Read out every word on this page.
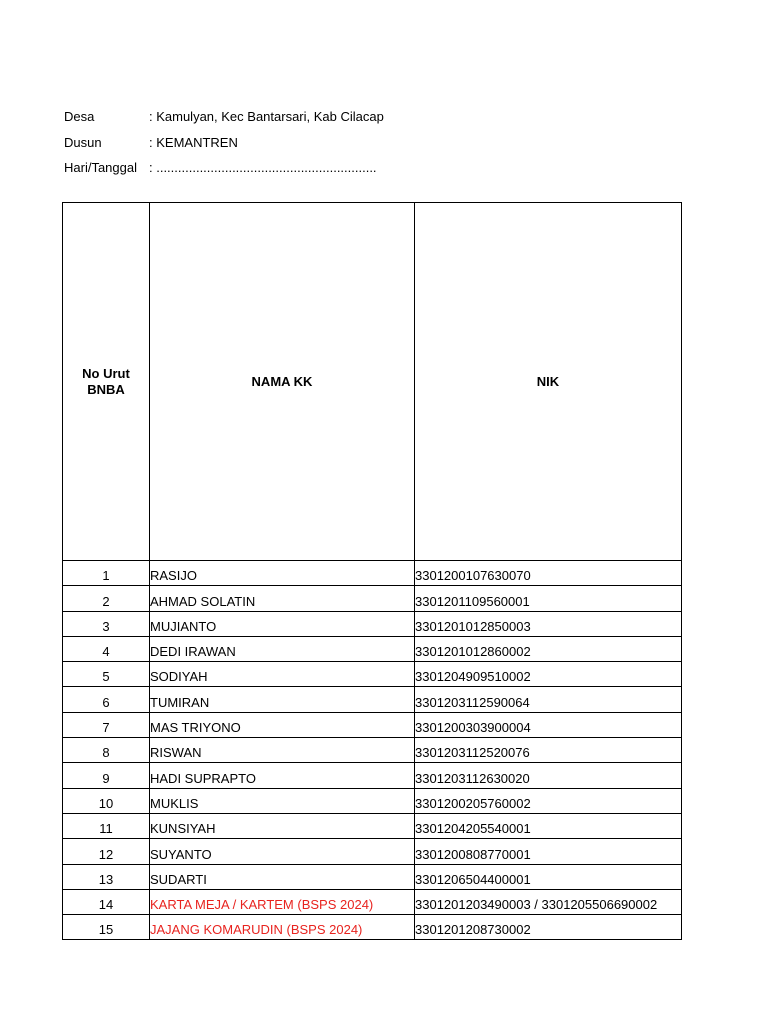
Desa	: Kamulyan, Kec Bantarsari, Kab Cilacap
Dusun	: KEMANTREN
Hari/Tanggal : .............................................................
No Urut
BNBA	NAMA KK	NIK
1	RASIJO	3301200107630070
2	AHMAD SOLATIN	3301201109560001
3	MUJIANTO	3301201012850003
4	DEDI IRAWAN	3301201012860002
5	SODIYAH	3301204909510002
6	TUMIRAN	3301203112590064
7	MAS TRIYONO	3301200303900004
8	RISWAN	3301203112520076
9	HADI SUPRAPTO	3301203112630020
10	MUKLIS	3301200205760002
11	KUNSIYAH	3301204205540001
12	SUYANTO	3301200808770001
13	SUDARTI	3301206504400001
14	KARTA MEJA / KARTEM (BSPS 2024)	3301201203490003 / 3301205506690002
15	JAJANG KOMARUDIN (BSPS 2024)	3301201208730002
